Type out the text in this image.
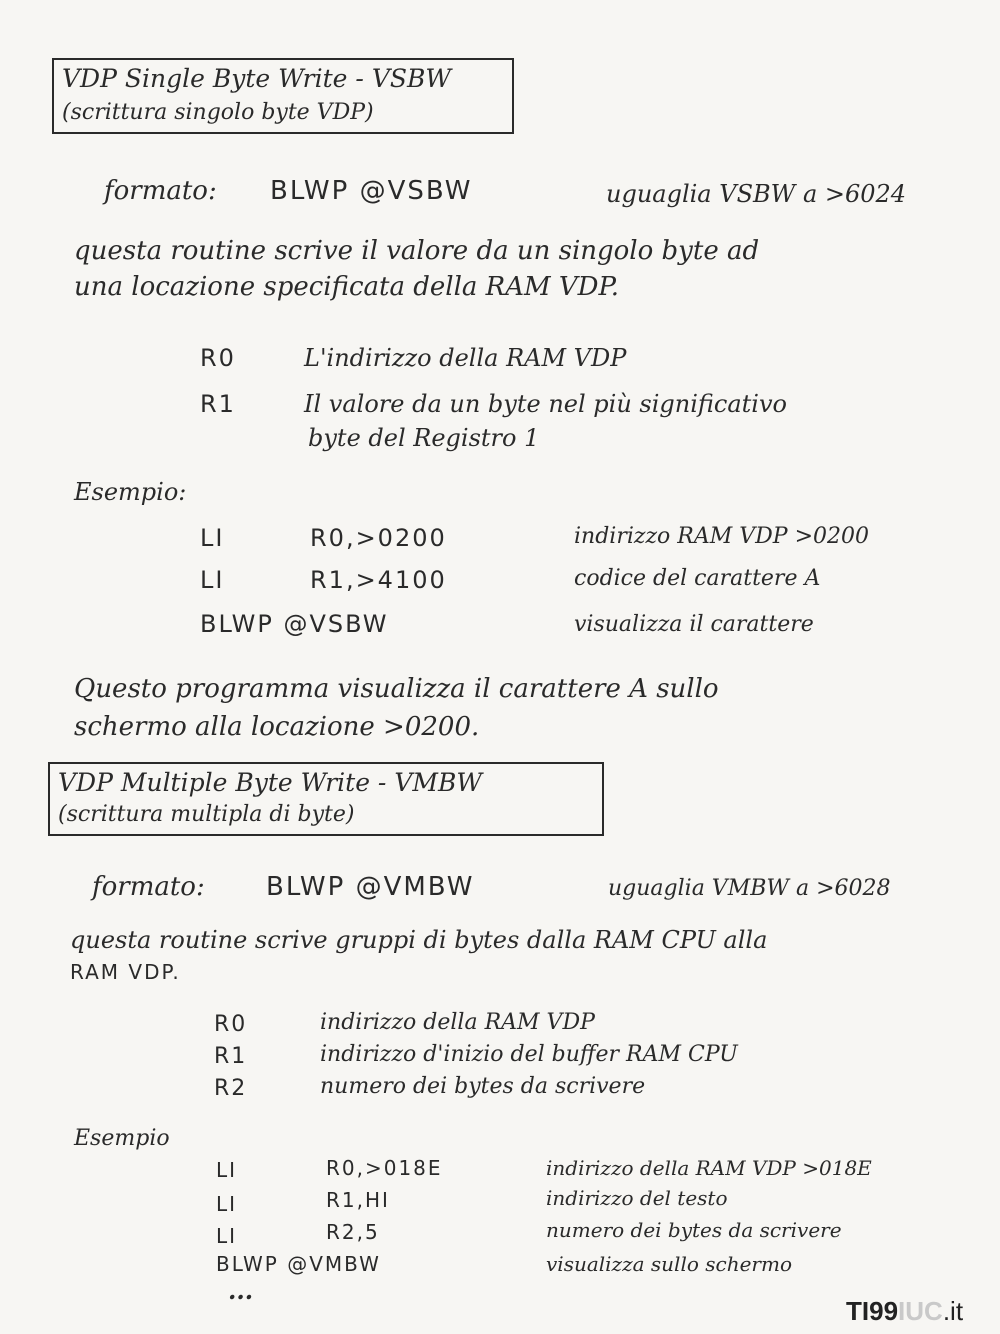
VDP Single Byte Write - VSBW
(scrittura singolo byte VDP)
formato: BLWP @VSBW	uguaglia VSBW a >6024
questa routine scrive il valore da un singolo byte ad
una locazione specificata della RAM VDP.
R0	L'indirizzo della RAM VDP
R1	Il valore da un byte nel più significativo
byte del Registro 1
Esempio:
LI	R0,>0200	indirizzo RAM VDP >0200
LI	R1,>4100	codice del carattere A
BLWP @VSBW	visualizza il carattere
Questo programma visualizza il carattere A sullo
schermo alla locazione >0200.
VDP Multiple Byte Write - VMBW
(scrittura multipla di byte)
formato: BLWP @VMBW	uguaglia VMBW a >6028
questa routine scrive gruppi di bytes dalla RAM CPU alla
RAM VDP.
R0	indirizzo della RAM VDP
R1	indirizzo d'inizio del buffer RAM CPU
R2	numero dei bytes da scrivere
Esempio
LI	R0,>018E	indirizzo della RAM VDP >018E
LI	R1,HI	indirizzo del testo
LI	R2,5	numero dei bytes da scrivere
BLWP @VMBW	visualizza sullo schermo
...
TI99IUC.it
